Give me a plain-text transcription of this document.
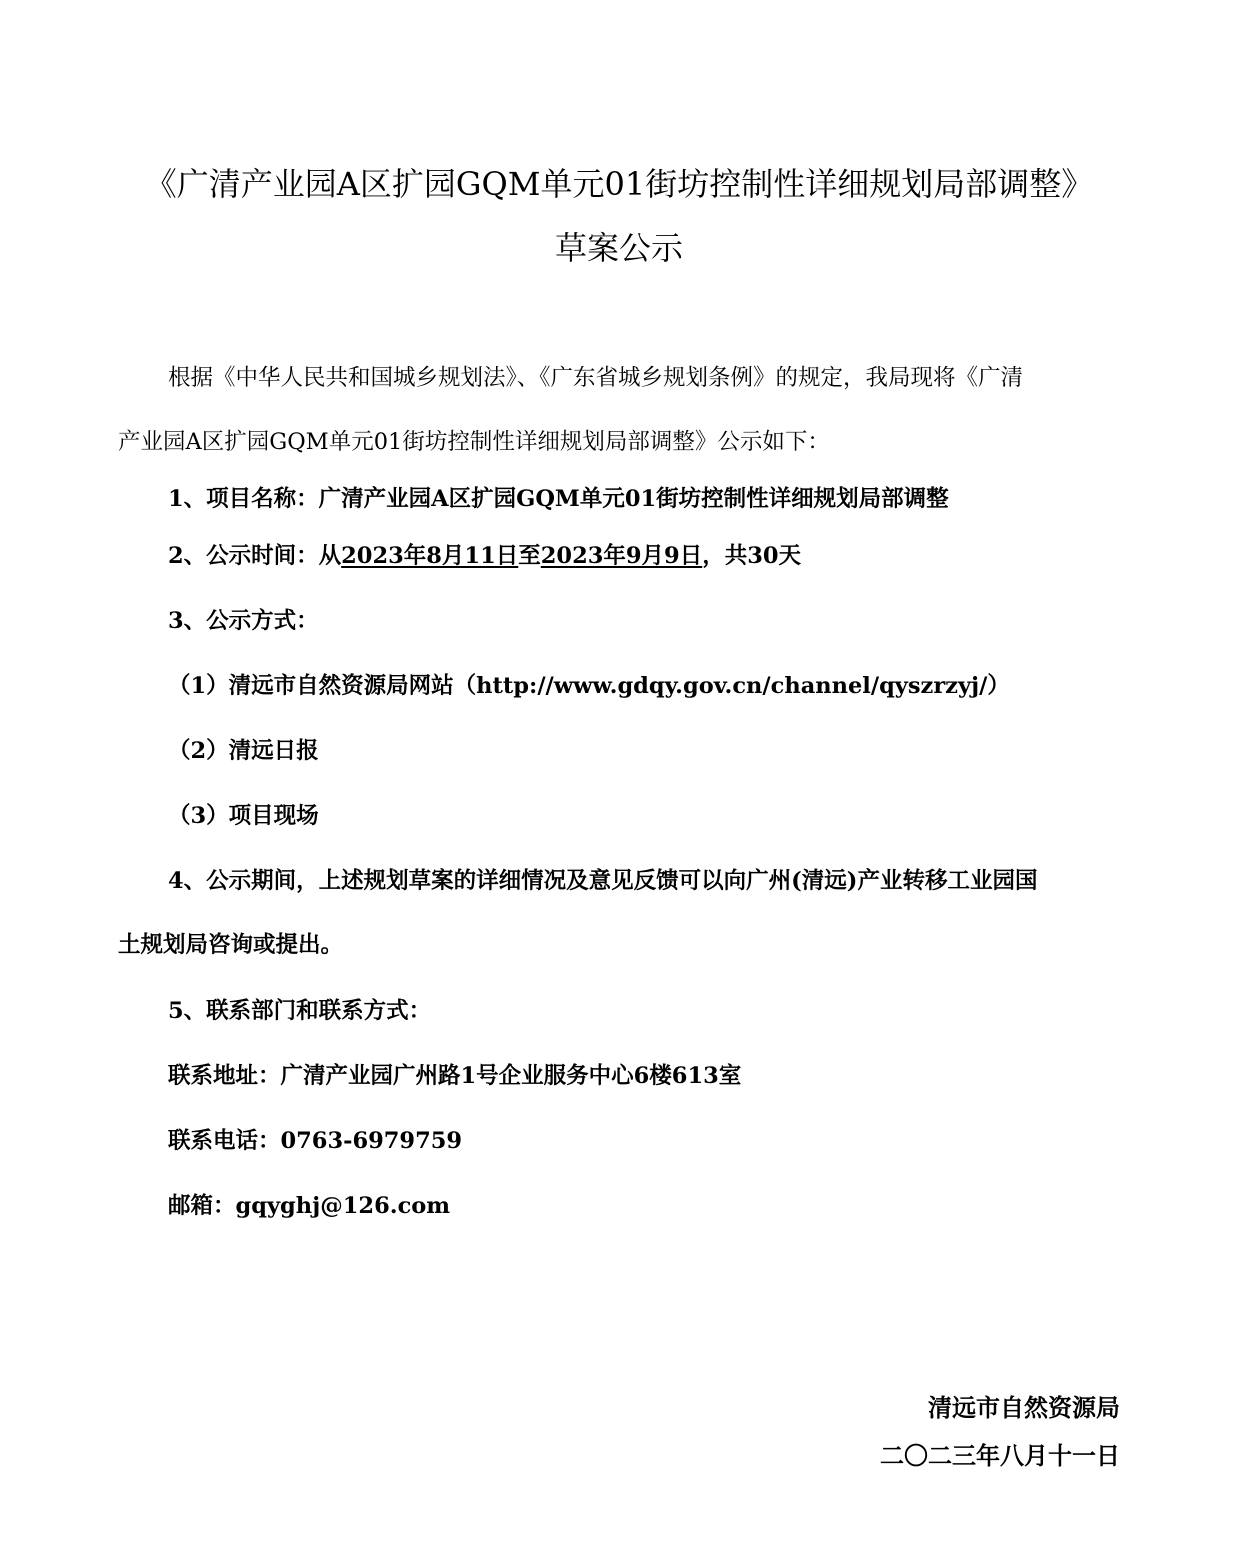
《广清产业园A区扩园GQM单元01街坊控制性详细规划局部调整》
草案公示
根据《中华人民共和国城乡规划法》、《广东省城乡规划条例》的规定，我局现将《广清
产业园A区扩园GQM单元01街坊控制性详细规划局部调整》公示如下：
1、项目名称：广清产业园A区扩园GQM单元01街坊控制性详细规划局部调整
2、公示时间：从2023年8月11日至2023年9月9日，共30天
3、公示方式：
（1）清远市自然资源局网站（http://www.gdqy.gov.cn/channel/qyszrzyj/）
（2）清远日报
（3）项目现场
4、公示期间，上述规划草案的详细情况及意见反馈可以向广州(清远)产业转移工业园国
土规划局咨询或提出。
5、联系部门和联系方式：
联系地址：广清产业园广州路1号企业服务中心6楼613室
联系电话：0763-6979759
邮箱：gqyghj@126.com
清远市自然资源局
二〇二三年八月十一日
